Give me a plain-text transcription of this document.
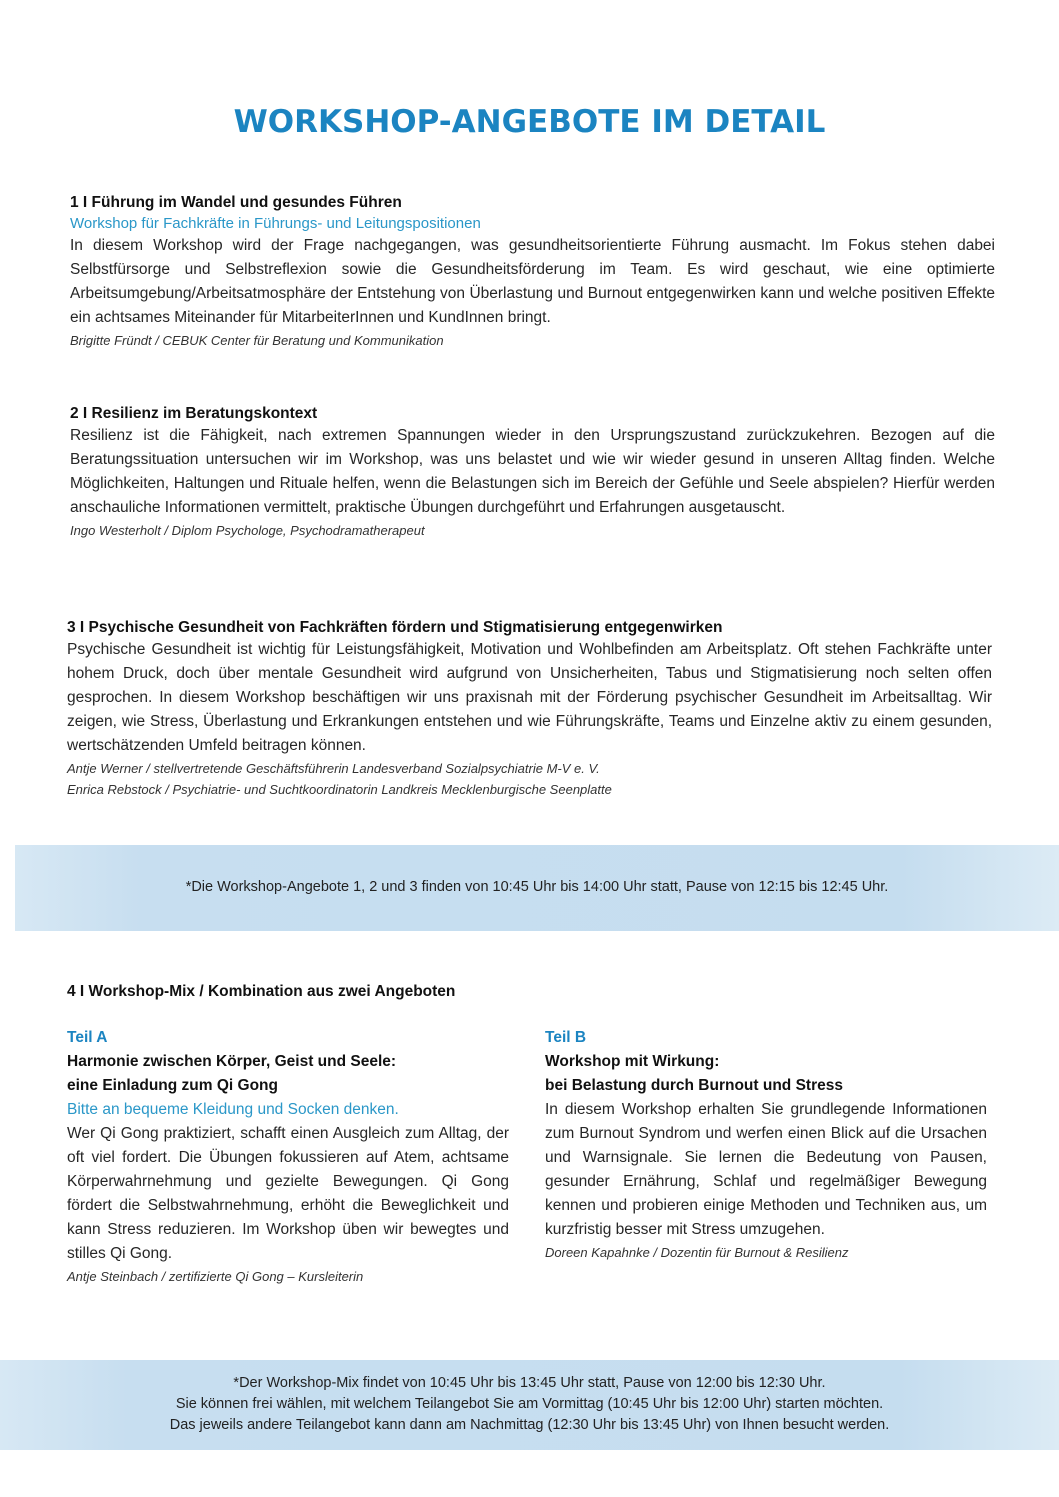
WORKSHOP-ANGEBOTE IM DETAIL
1 I Führung im Wandel und gesundes Führen
Workshop für Fachkräfte in Führungs- und Leitungspositionen
In diesem Workshop wird der Frage nachgegangen, was gesundheitsorientierte Führung ausmacht. Im Fokus stehen dabei Selbstfürsorge und Selbstreflexion sowie die Gesundheitsförderung im Team. Es wird geschaut, wie eine optimierte Arbeitsumgebung/Arbeitsatmosphäre der Entstehung von Überlastung und Burnout entgegenwirken kann und welche positiven Effekte ein achtsames Miteinander für MitarbeiterInnen und KundInnen bringt.
Brigitte Fründt / CEBUK Center für Beratung und Kommunikation
2 I Resilienz im Beratungskontext
Resilienz ist die Fähigkeit, nach extremen Spannungen wieder in den Ursprungszustand zurückzukehren. Bezogen auf die Beratungssituation untersuchen wir im Workshop, was uns belastet und wie wir wieder gesund in unseren Alltag finden. Welche Möglichkeiten, Haltungen und Rituale helfen, wenn die Belastungen sich im Bereich der Gefühle und Seele abspielen? Hierfür werden anschauliche Informationen vermittelt, praktische Übungen durchgeführt und Erfahrungen ausgetauscht.
Ingo Westerholt / Diplom Psychologe, Psychodramatherapeut
3 I Psychische Gesundheit von Fachkräften fördern und Stigmatisierung entgegenwirken
Psychische Gesundheit ist wichtig für Leistungsfähigkeit, Motivation und Wohlbefinden am Arbeitsplatz. Oft stehen Fachkräfte unter hohem Druck, doch über mentale Gesundheit wird aufgrund von Unsicherheiten, Tabus und Stigmatisierung noch selten offen gesprochen. In diesem Workshop beschäftigen wir uns praxisnah mit der Förderung psychischer Gesundheit im Arbeitsalltag. Wir zeigen, wie Stress, Überlastung und Erkrankungen entstehen und wie Führungskräfte, Teams und Einzelne aktiv zu einem gesunden, wertschätzenden Umfeld beitragen können.
Antje Werner / stellvertretende Geschäftsführerin Landesverband Sozialpsychiatrie M-V e. V.
Enrica Rebstock / Psychiatrie- und Suchtkoordinatorin Landkreis Mecklenburgische Seenplatte
*Die Workshop-Angebote 1, 2 und 3 finden von 10:45 Uhr bis 14:00 Uhr statt, Pause von 12:15 bis 12:45 Uhr.
4 I Workshop-Mix / Kombination aus zwei Angeboten
Teil A
Harmonie zwischen Körper, Geist und Seele:
eine Einladung zum Qi Gong
Bitte an bequeme Kleidung und Socken denken.
Wer Qi Gong praktiziert, schafft einen Ausgleich zum Alltag, der oft viel fordert. Die Übungen fokussieren auf Atem, achtsame Körperwahrnehmung und gezielte Bewegungen. Qi Gong fördert die Selbstwahrnehmung, erhöht die Beweglichkeit und kann Stress reduzieren. Im Workshop üben wir bewegtes und stilles Qi Gong.
Antje Steinbach / zertifizierte Qi Gong – Kursleiterin
Teil B
Workshop mit Wirkung:
bei Belastung durch Burnout und Stress
In diesem Workshop erhalten Sie grundlegende Informationen zum Burnout Syndrom und werfen einen Blick auf die Ursachen und Warnsignale. Sie lernen die Bedeutung von Pausen, gesunder Ernährung, Schlaf und regelmäßiger Bewegung kennen und probieren einige Methoden und Techniken aus, um kurzfristig besser mit Stress umzugehen.
Doreen Kapahnke / Dozentin für Burnout & Resilienz
*Der Workshop-Mix findet von 10:45 Uhr bis 13:45 Uhr statt, Pause von 12:00 bis 12:30 Uhr.
Sie können frei wählen, mit welchem Teilangebot Sie am Vormittag (10:45 Uhr bis 12:00 Uhr) starten möchten.
Das jeweils andere Teilangebot kann dann am Nachmittag (12:30 Uhr bis 13:45 Uhr) von Ihnen besucht werden.
